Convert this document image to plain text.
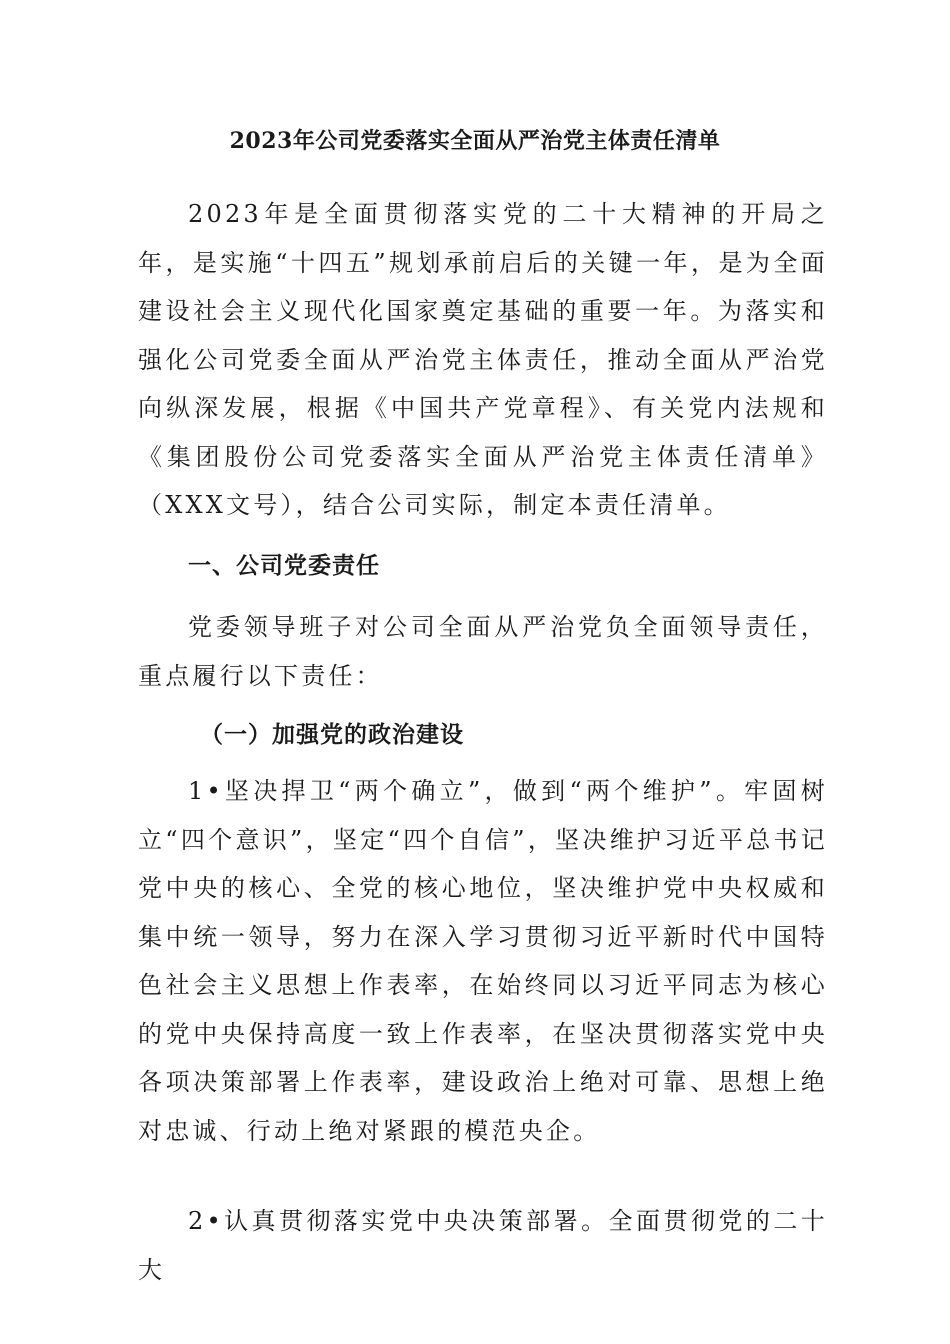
2023年公司党委落实全面从严治党主体责任清单

2023年是全面贯彻落实党的二十大精神的开局之年，是实施“十四五”规划承前启后的关键一年，是为全面建设社会主义现代化国家奠定基础的重要一年。为落实和强化公司党委全面从严治党主体责任，推动全面从严治党向纵深发展，根据《中国共产党章程》、有关党内法规和《集团股份公司党委落实全面从严治党主体责任清单》（XXX文号），结合公司实际，制定本责任清单。

一、公司党委责任

党委领导班子对公司全面从严治党负全面领导责任，重点履行以下责任：

（一）加强党的政治建设

1•坚决捍卫“两个确立”，做到“两个维护”。牢固树立“四个意识”，坚定“四个自信”，坚决维护习近平总书记党中央的核心、全党的核心地位，坚决维护党中央权威和集中统一领导，努力在深入学习贯彻习近平新时代中国特色社会主义思想上作表率，在始终同以习近平同志为核心的党中央保持高度一致上作表率，在坚决贯彻落实党中央各项决策部署上作表率，建设政治上绝对可靠、思想上绝对忠诚、行动上绝对紧跟的模范央企。

2•认真贯彻落实党中央决策部署。全面贯彻党的二十大
